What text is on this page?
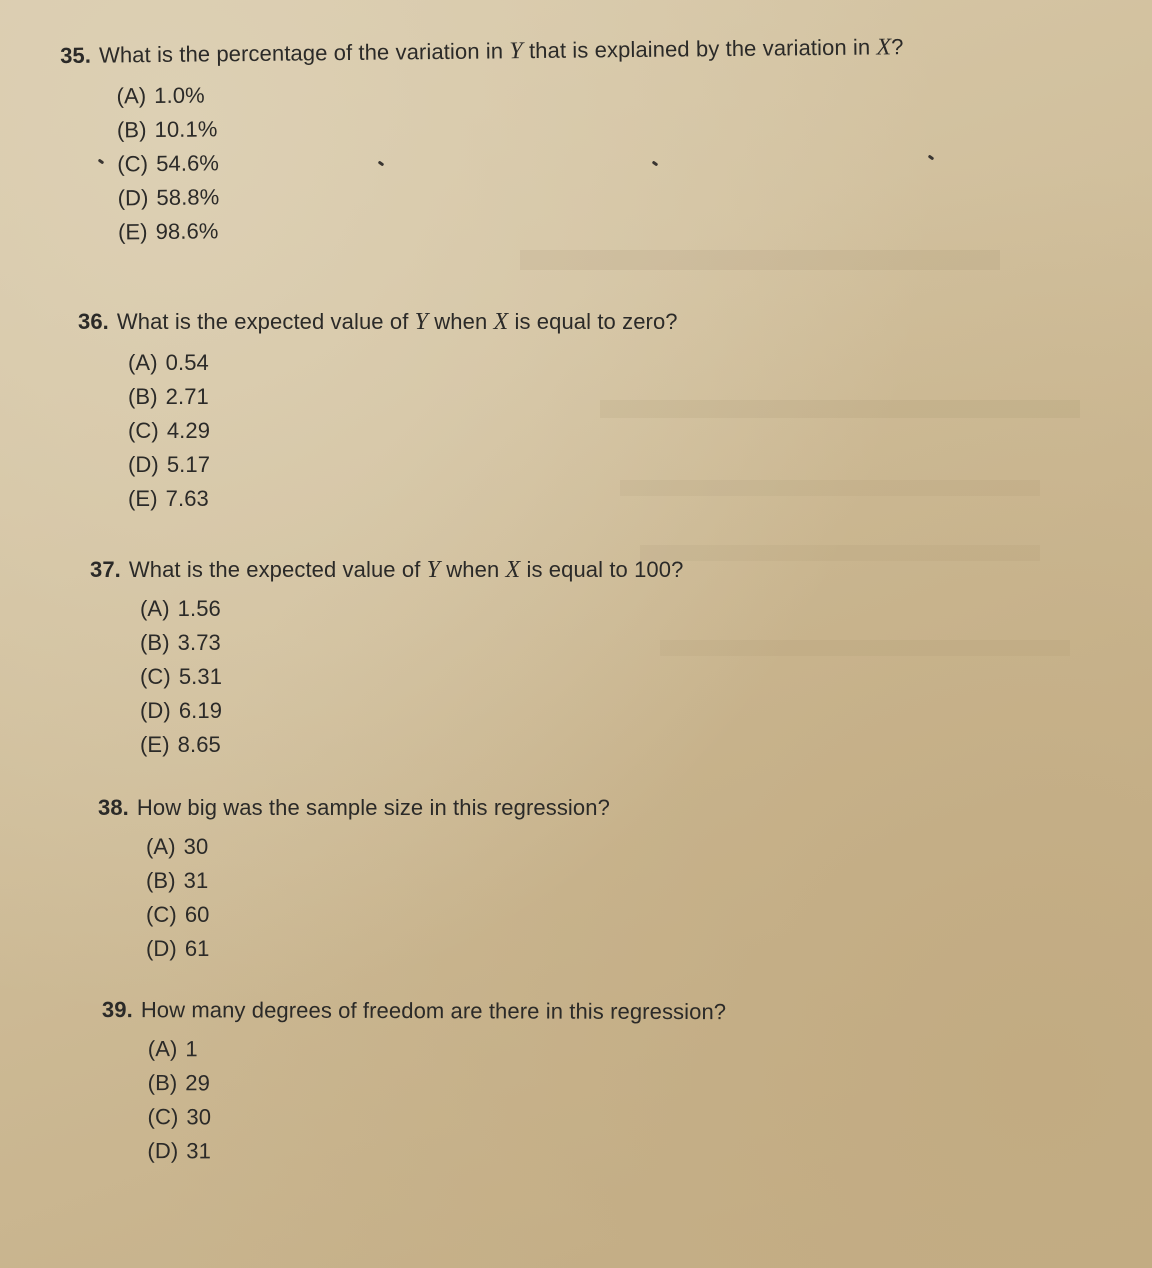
35. What is the percentage of the variation in Y that is explained by the variation in X?

(A) 1.0%
(B) 10.1%
(C) 54.6%
(D) 58.8%
(E) 98.6%

36. What is the expected value of Y when X is equal to zero?

(A) 0.54
(B) 2.71
(C) 4.29
(D) 5.17
(E) 7.63

37. What is the expected value of Y when X is equal to 100?

(A) 1.56
(B) 3.73
(C) 5.31
(D) 6.19
(E) 8.65

38. How big was the sample size in this regression?

(A) 30
(B) 31
(C) 60
(D) 61

39. How many degrees of freedom are there in this regression?

(A) 1
(B) 29
(C) 30
(D) 31
